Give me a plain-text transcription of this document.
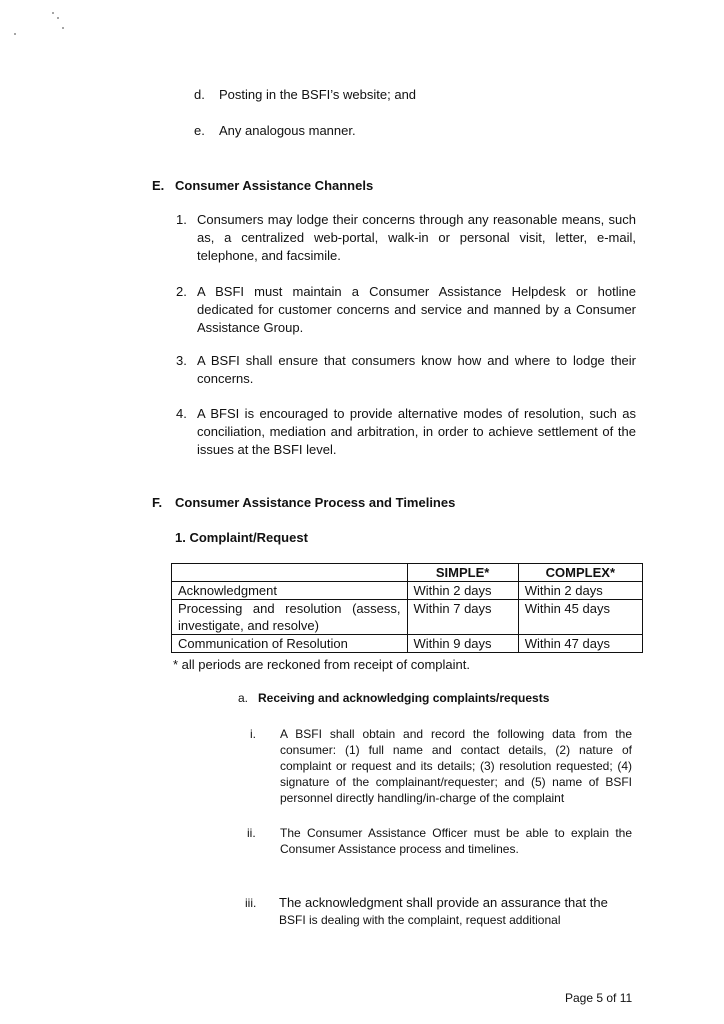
d. Posting in the BSFI’s website; and
e. Any analogous manner.
E. Consumer Assistance Channels
1. Consumers may lodge their concerns through any reasonable means, such as, a centralized web-portal, walk-in or personal visit, letter, e-mail, telephone, and facsimile.
2. A BSFI must maintain a Consumer Assistance Helpdesk or hotline dedicated for customer concerns and service and manned by a Consumer Assistance Group.
3. A BSFI shall ensure that consumers know how and where to lodge their concerns.
4. A BFSI is encouraged to provide alternative modes of resolution, such as conciliation, mediation and arbitration, in order to achieve settlement of the issues at the BSFI level.
F. Consumer Assistance Process and Timelines
1. Complaint/Request
	SIMPLE*	COMPLEX*
Acknowledgment	Within 2 days	Within 2 days
Processing and resolution (assess, investigate, and resolve)	Within 7 days	Within 45 days
Communication of Resolution	Within 9 days	Within 47 days
* all periods are reckoned from receipt of complaint.
a. Receiving and acknowledging complaints/requests
i. A BSFI shall obtain and record the following data from the consumer: (1) full name and contact details, (2) nature of complaint or request and its details; (3) resolution requested; (4) signature of the complainant/requester; and (5) name of BSFI personnel directly handling/in-charge of the complaint
ii. The Consumer Assistance Officer must be able to explain the Consumer Assistance process and timelines.
iii. The acknowledgment shall provide an assurance that the
BSFI is dealing with the complaint, request additional
Page 5 of 11
